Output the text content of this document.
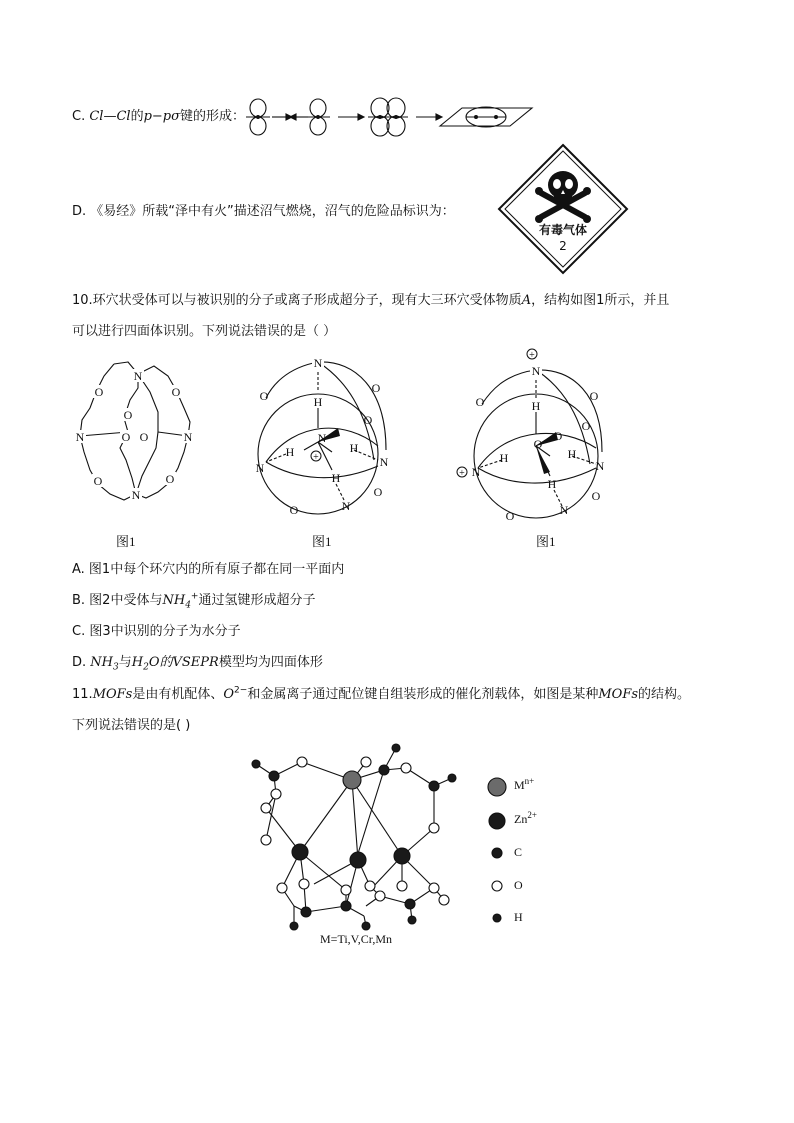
C. Cl—Cl的p−pσ键的形成：
D. 《易经》所载“泽中有火”描述沼气燃烧，沼气的危险品标识为：
有毒气体
2
10.环穴状受体可以与被识别的分子或离子形成超分子，现有大三环穴受体物质A，结构如图1所示，并且
可以进行四面体识别。下列说法错误的是（ ）
O
N
O
O
N	O O	N
O	O
N
N
O
O
O
H
N
H	H
H
N	N
O
O	N
+
+
+
N
O	O
O
H
O
O
H	H
H
N	N
O
O	N
图1	图1	图1
A. 图1中每个环穴内的所有原子都在同一平面内
B. 图2中受体与$NH_4^+$通过氢键形成超分子
C. 图3中识别的分子为水分子
D. $NH_3$与$H_2O$的VSEPR模型均为四面体形
11.MOFs是由有机配体、$O^{2-}$和金属离子通过配位键自组装形成的催化剂载体，如图是某种MOFs的结构。
下列说法错误的是( )
M=Ti,V,Cr,Mn
$M^{n+}$
$Zn^{2+}$
C
O
H
